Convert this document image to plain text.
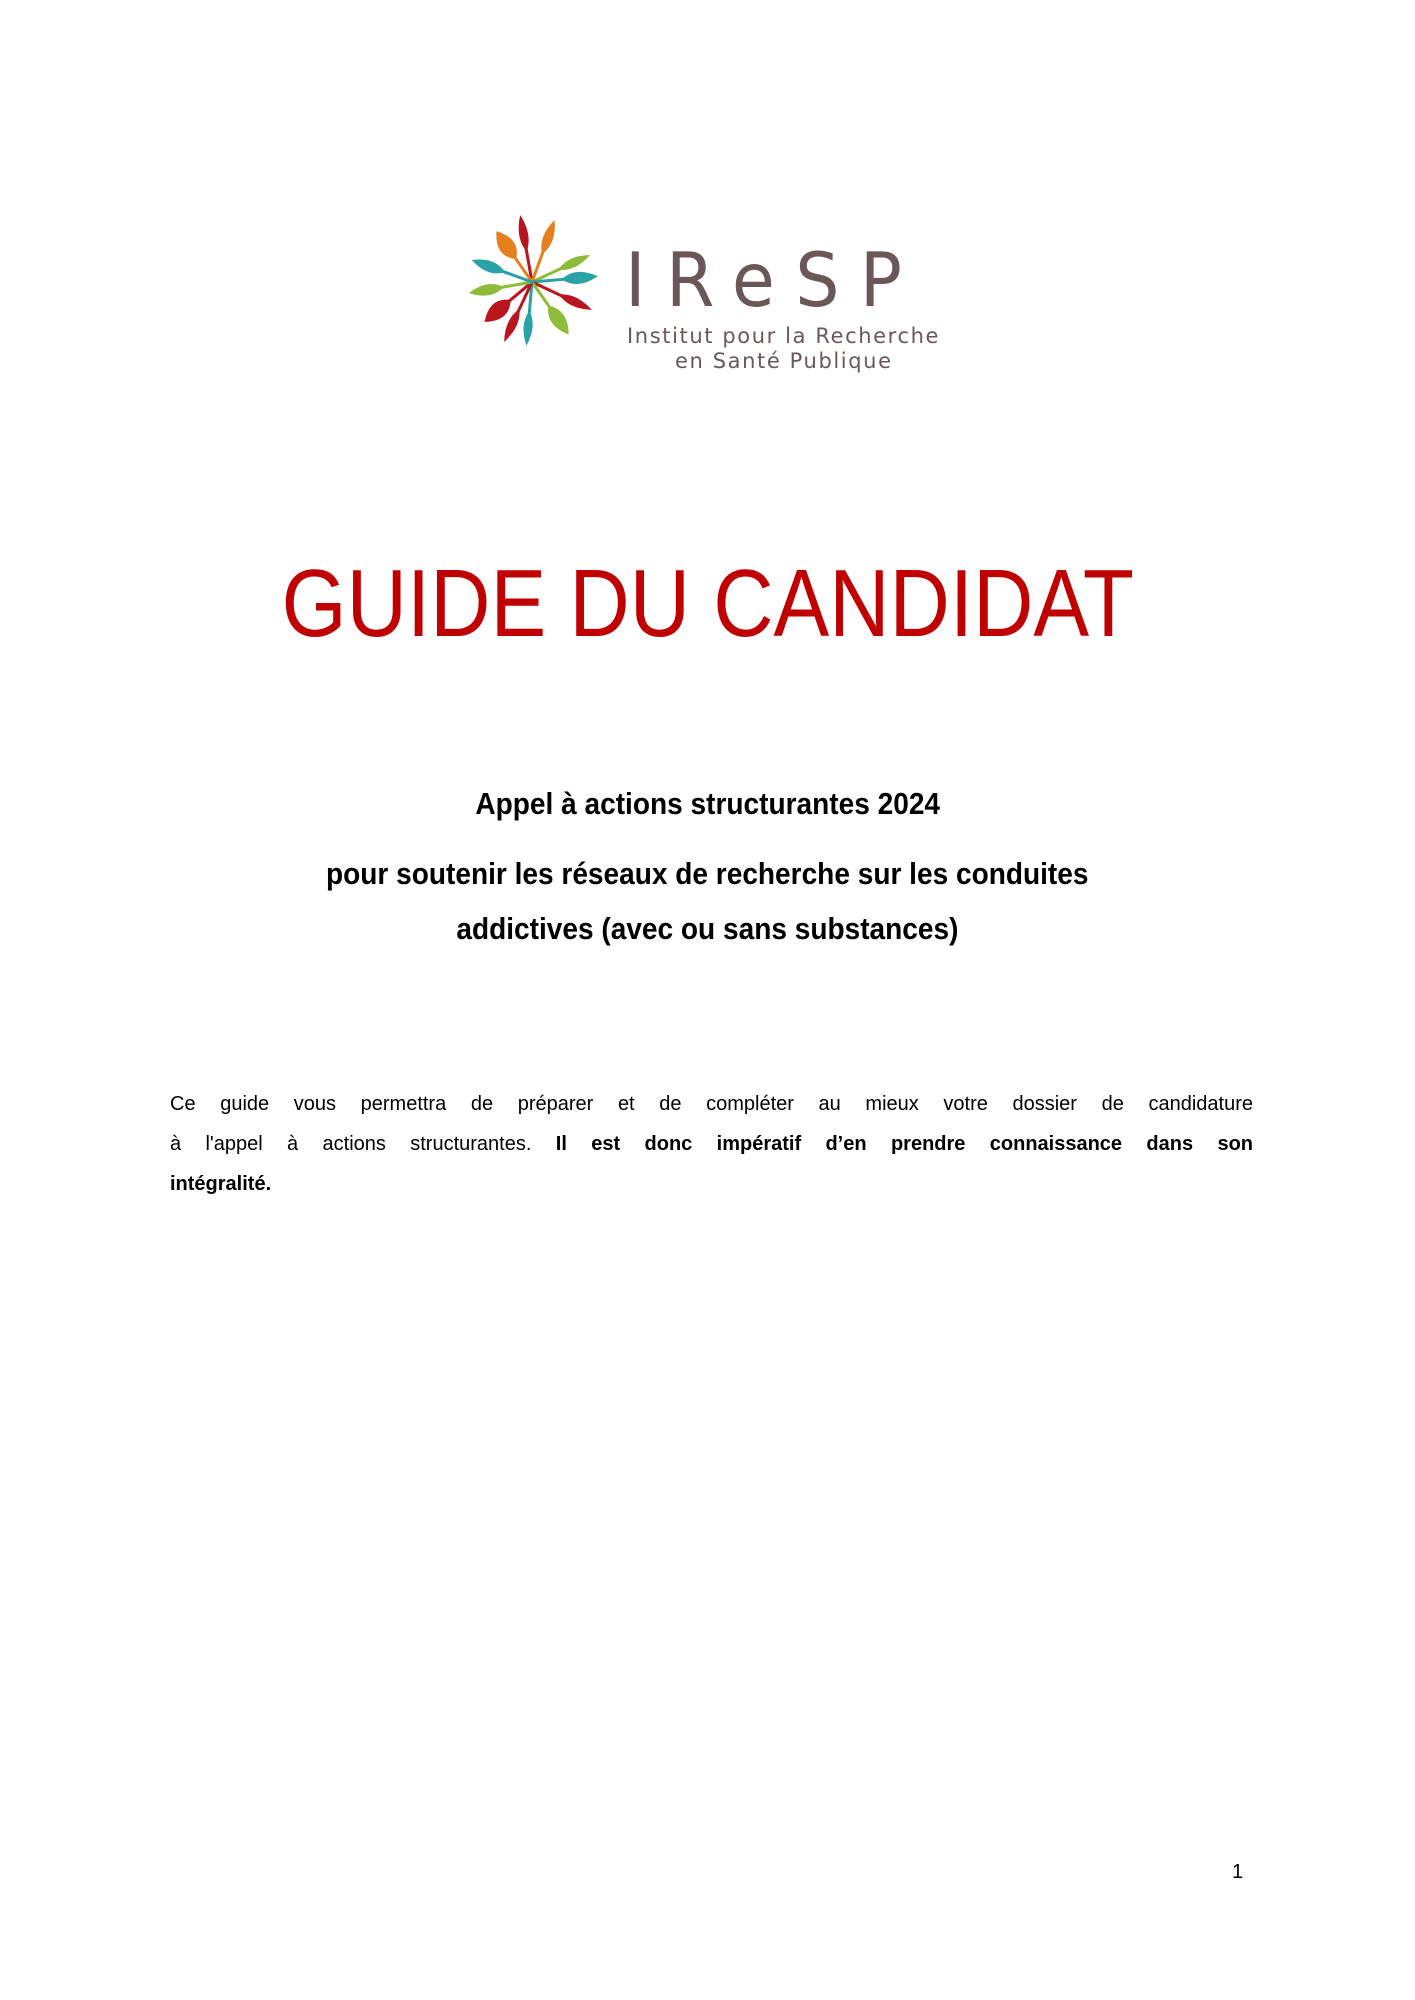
IReSP
Institut pour la Recherche
en Santé Publique
GUIDE DU CANDIDAT
Appel à actions structurantes 2024
pour soutenir les réseaux de recherche sur les conduites
addictives (avec ou sans substances)
Ce guide vous permettra de préparer et de compléter au mieux votre dossier de candidature
à l'appel à actions structurantes. Il est donc impératif d’en prendre connaissance dans son
intégralité.
1
